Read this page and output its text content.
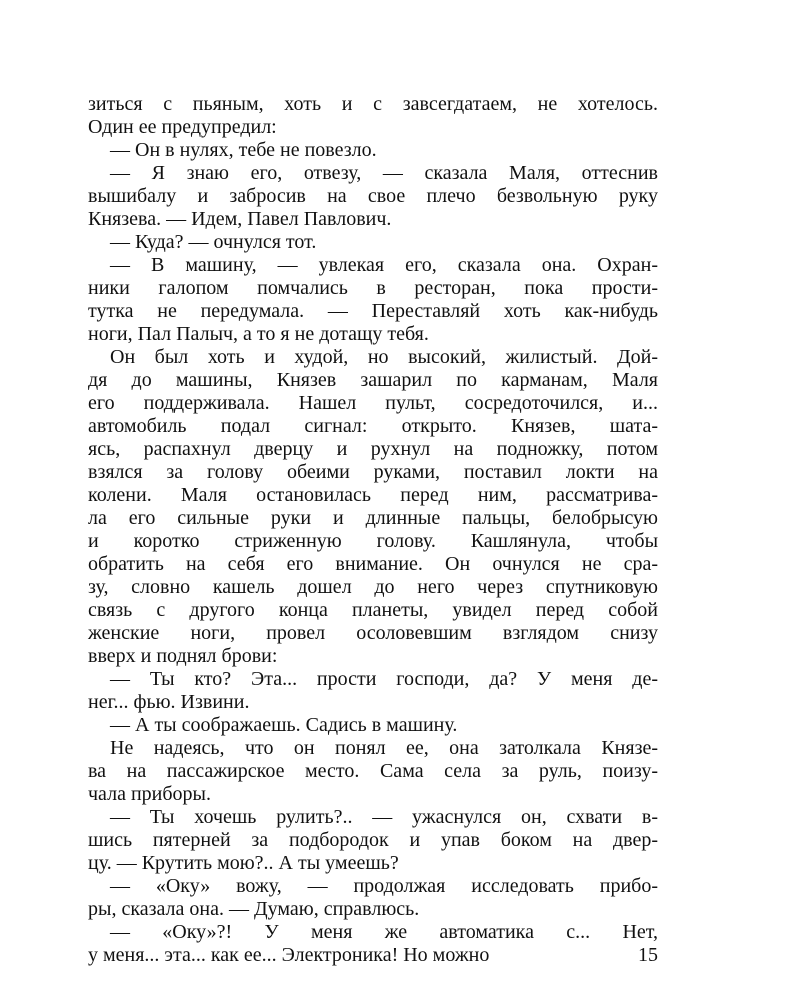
зиться с пьяным, хоть и с завсегдатаем, не хотелось.
Один ее предупредил:
— Он в нулях, тебе не повезло.
— Я знаю его, отвезу, — сказала Маля, оттеснив
вышибалу и забросив на свое плечо безвольную руку
Князева. — Идем, Павел Павлович.
— Куда? — очнулся тот.
— В машину, — увлекая его, сказала она. Охран-
ники галопом помчались в ресторан, пока прости-
тутка не передумала. — Переставляй хоть как-нибудь
ноги, Пал Палыч, а то я не дотащу тебя.
Он был хоть и худой, но высокий, жилистый. Дой-
дя до машины, Князев зашарил по карманам, Маля
его поддерживала. Нашел пульт, сосредоточился, и...
автомобиль подал сигнал: открыто. Князев, шата-
ясь, распахнул дверцу и рухнул на подножку, потом
взялся за голову обеими руками, поставил локти на
колени. Маля остановилась перед ним, рассматрива-
ла его сильные руки и длинные пальцы, белобрысую
и коротко стриженную голову. Кашлянула, чтобы
обратить на себя его внимание. Он очнулся не сра-
зу, словно кашель дошел до него через спутниковую
связь с другого конца планеты, увидел перед собой
женские ноги, провел осоловевшим взглядом снизу
вверх и поднял брови:
— Ты кто? Эта... прости господи, да? У меня де-
нег... фью. Извини.
— А ты соображаешь. Садись в машину.
Не надеясь, что он понял ее, она затолкала Князе-
ва на пассажирское место. Сама села за руль, поизу-
чала приборы.
— Ты хочешь рулить?.. — ужаснулся он, схвати в-
шись пятерней за подбородок и упав боком на двер-
цу. — Крутить мою?.. А ты умеешь?
— «Оку» вожу, — продолжая исследовать прибо-
ры, сказала она. — Думаю, справлюсь.
— «Оку»?! У меня же автоматика с... Нет,
у меня... эта... как ее... Электроника! Но можно	15
